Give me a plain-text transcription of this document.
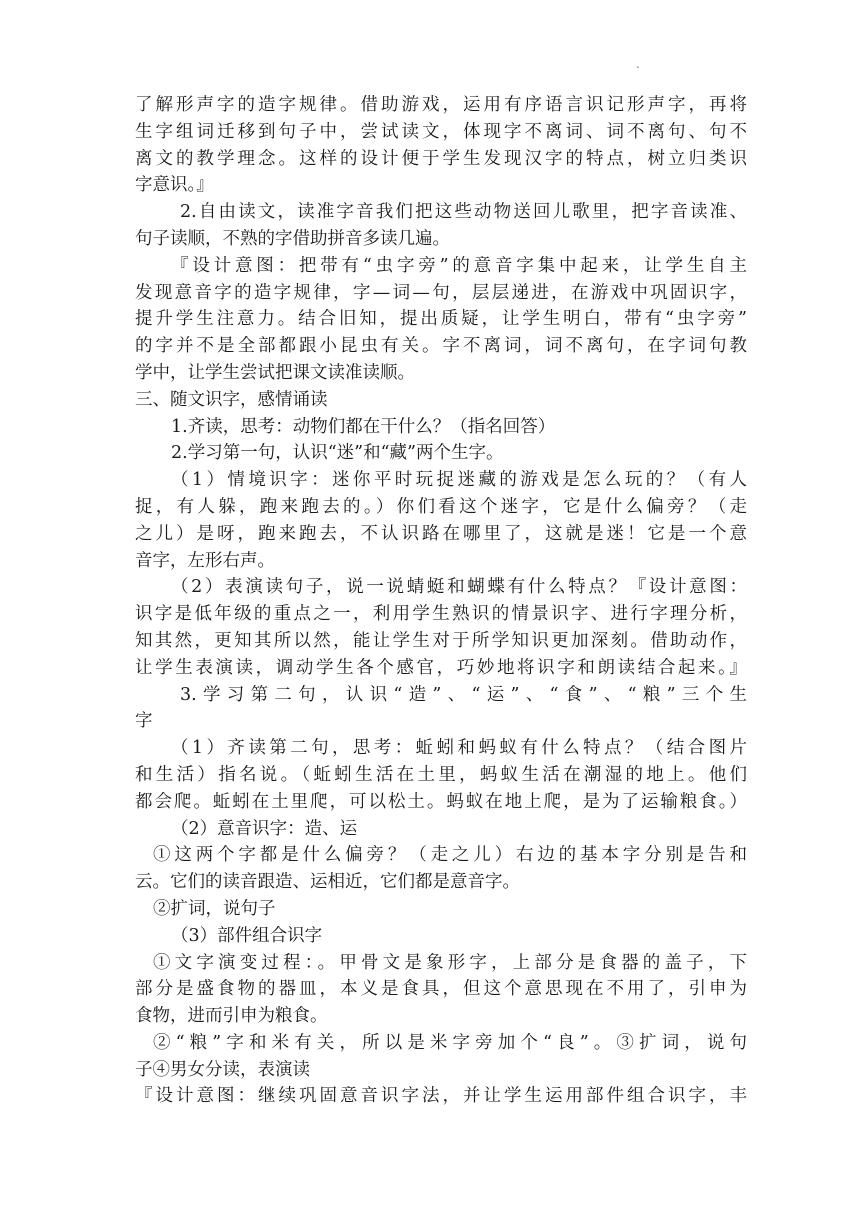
.
了解形声字的造字规律。借助游戏，运用有序语言识记形声字，再将
生字组词迁移到句子中，尝试读文，体现字不离词、词不离句、句不
离文的教学理念。这样的设计便于学生发现汉字的特点，树立归类识
字意识。』
2.自由读文，读准字音我们把这些动物送回儿歌里，把字音读准、
句子读顺，不熟的字借助拼音多读几遍。
『设计意图：把带有“虫字旁”的意音字集中起来，让学生自主
发现意音字的造字规律，字—词—句，层层递进，在游戏中巩固识字，
提升学生注意力。结合旧知，提出质疑，让学生明白，带有“虫字旁”
的字并不是全部都跟小昆虫有关。字不离词，词不离句，在字词句教
学中，让学生尝试把课文读准读顺。
三、随文识字，感情诵读
1.齐读，思考：动物们都在干什么？（指名回答）
2.学习第一句，认识“迷”和“藏”两个生字。
（1）情境识字：迷你平时玩捉迷藏的游戏是怎么玩的？（有人
捉，有人躲，跑来跑去的。）你们看这个迷字，它是什么偏旁？（走
之儿）是呀，跑来跑去，不认识路在哪里了，这就是迷！它是一个意
音字，左形右声。
（2）表演读句子，说一说蜻蜓和蝴蝶有什么特点？『设计意图：
识字是低年级的重点之一，利用学生熟识的情景识字、进行字理分析，
知其然，更知其所以然，能让学生对于所学知识更加深刻。借助动作，
让学生表演读，调动学生各个感官，巧妙地将识字和朗读结合起来。』
3.学习第二句，认识“造”、“运”、“食”、“粮”三个生
字
（1）齐读第二句，思考：蚯蚓和蚂蚁有什么特点？（结合图片
和生活）指名说。（蚯蚓生活在土里，蚂蚁生活在潮湿的地上。他们
都会爬。蚯蚓在土里爬，可以松土。蚂蚁在地上爬，是为了运输粮食。）
（2）意音识字：造、运
①这两个字都是什么偏旁？（走之儿）右边的基本字分别是告和
云。它们的读音跟造、运相近，它们都是意音字。
②扩词，说句子
（3）部件组合识字
①文字演变过程：。甲骨文是象形字，上部分是食器的盖子，下
部分是盛食物的器皿，本义是食具，但这个意思现在不用了，引申为
食物，进而引申为粮食。
②“粮”字和米有关，所以是米字旁加个“良”。③扩词，说句
子④男女分读，表演读
『设计意图：继续巩固意音识字法，并让学生运用部件组合识字，丰
